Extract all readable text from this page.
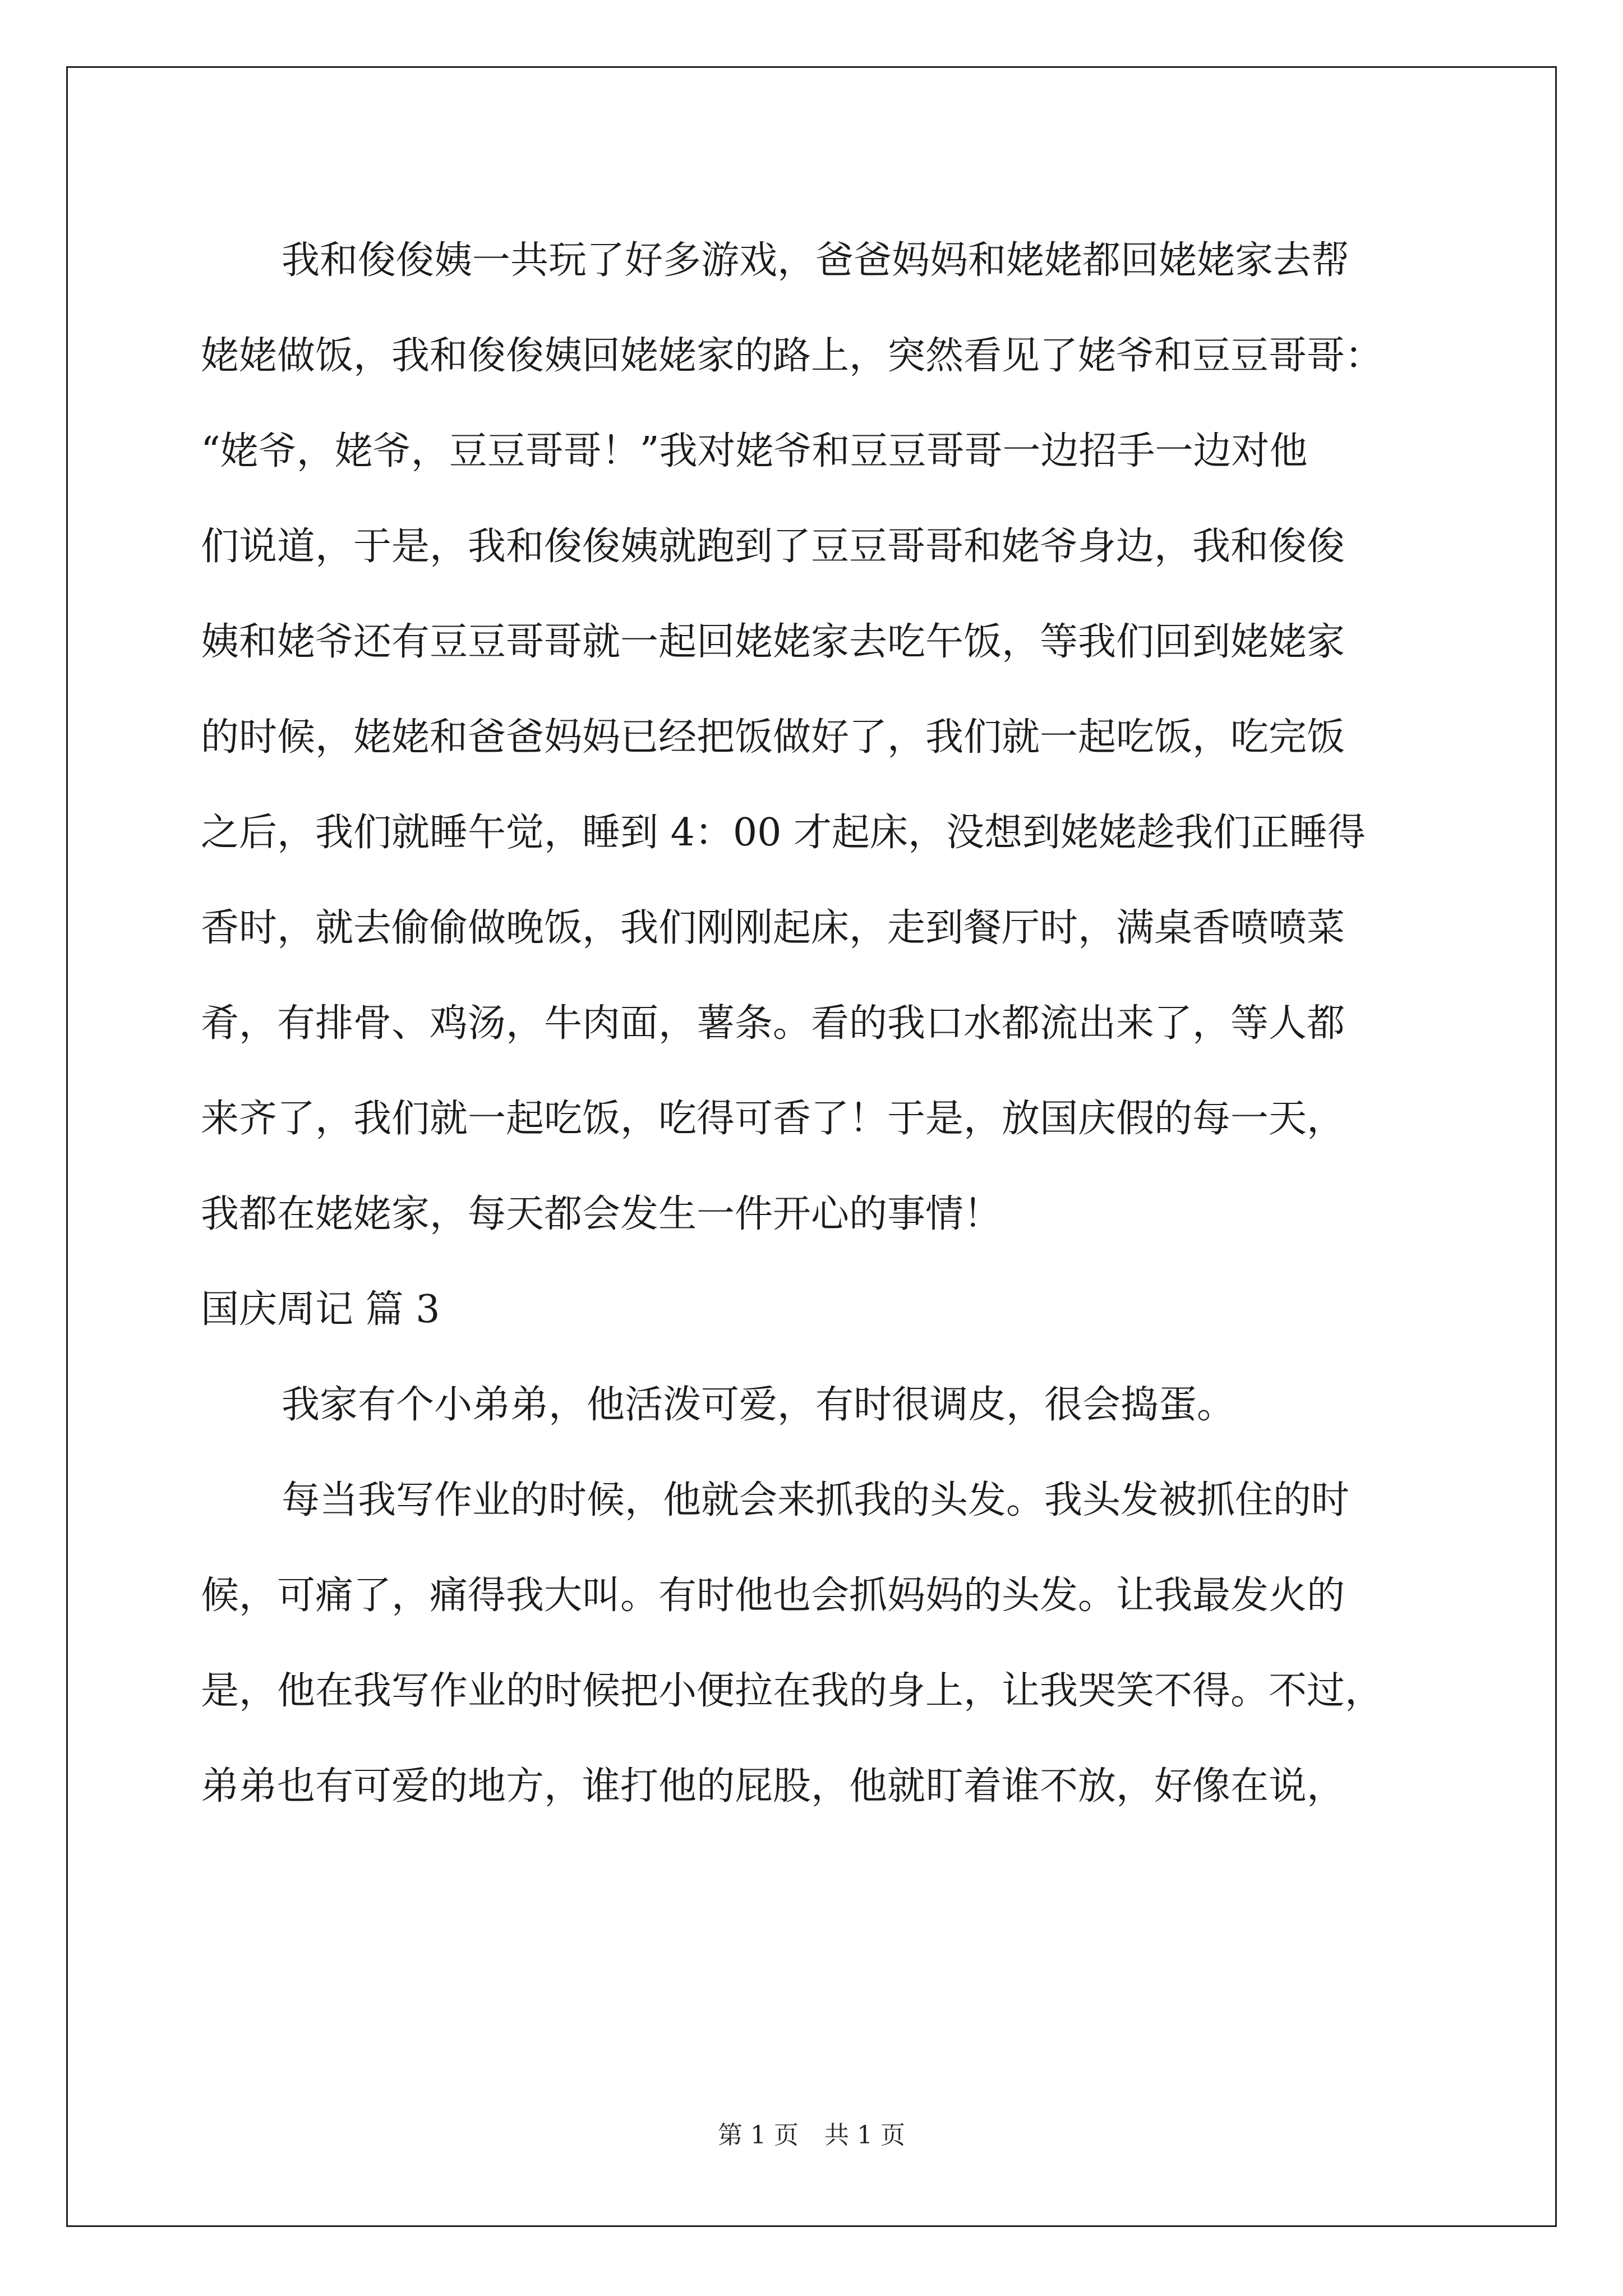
我和俊俊姨一共玩了好多游戏，爸爸妈妈和姥姥都回姥姥家去帮
姥姥做饭，我和俊俊姨回姥姥家的路上，突然看见了姥爷和豆豆哥哥：
“姥爷，姥爷，豆豆哥哥！”我对姥爷和豆豆哥哥一边招手一边对他
们说道，于是，我和俊俊姨就跑到了豆豆哥哥和姥爷身边，我和俊俊
姨和姥爷还有豆豆哥哥就一起回姥姥家去吃午饭，等我们回到姥姥家
的时候，姥姥和爸爸妈妈已经把饭做好了，我们就一起吃饭，吃完饭
之后，我们就睡午觉，睡到 4：00 才起床，没想到姥姥趁我们正睡得
香时，就去偷偷做晚饭，我们刚刚起床，走到餐厅时，满桌香喷喷菜
肴，有排骨、鸡汤，牛肉面，薯条。看的我口水都流出来了，等人都
来齐了，我们就一起吃饭，吃得可香了！于是，放国庆假的每一天，
我都在姥姥家，每天都会发生一件开心的事情！
国庆周记 篇 3
我家有个小弟弟，他活泼可爱，有时很调皮，很会捣蛋。
每当我写作业的时候，他就会来抓我的头发。我头发被抓住的时
候，可痛了，痛得我大叫。有时他也会抓妈妈的头发。让我最发火的
是，他在我写作业的时候把小便拉在我的身上，让我哭笑不得。不过，
弟弟也有可爱的地方，谁打他的屁股，他就盯着谁不放，好像在说，
第 1 页 共 1 页
